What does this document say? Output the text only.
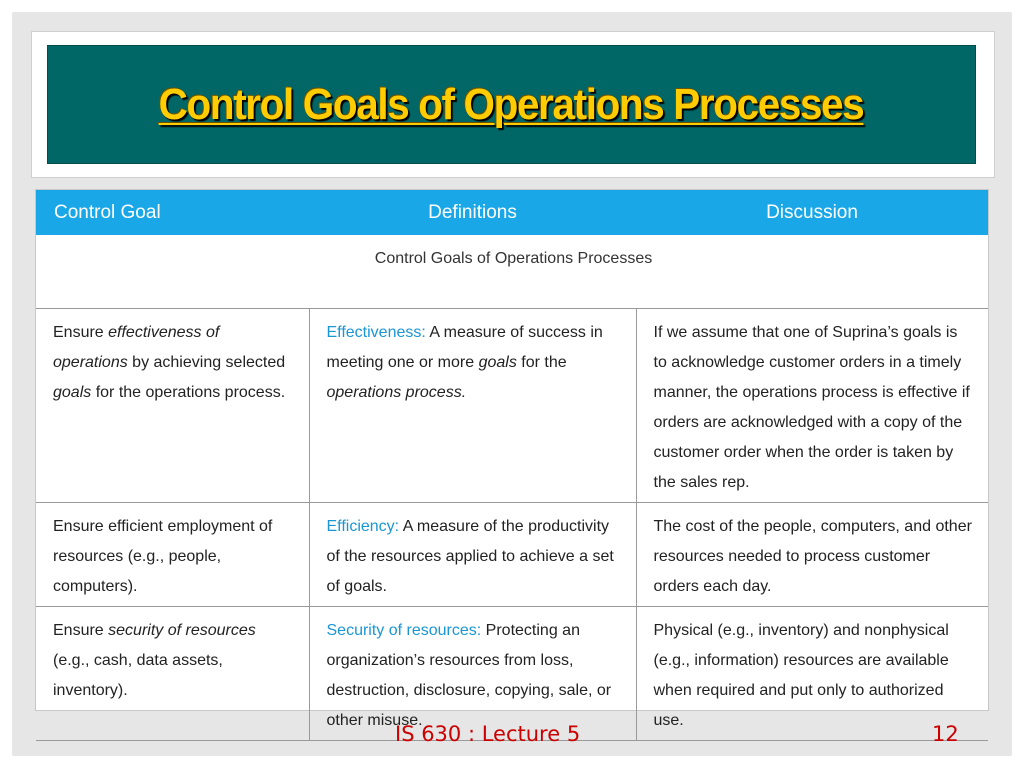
Control Goals of Operations Processes
Control Goal	Definitions	Discussion
Control Goals of Operations Processes		
Ensure effectiveness of operations by achieving selected goals for the operations process.	Effectiveness: A measure of success in meeting one or more goals for the operations process.	If we assume that one of Suprina’s goals is to acknowledge customer orders in a timely manner, the operations process is effective if orders are acknowledged with a copy of the customer order when the order is taken by the sales rep.
Ensure efficient employment of resources (e.g., people, computers).	Efficiency: A measure of the productivity of the resources applied to achieve a set of goals.	The cost of the people, computers, and other resources needed to process customer orders each day.
Ensure security of resources (e.g., cash, data assets, inventory).	Security of resources: Protecting an organization’s resources from loss, destruction, disclosure, copying, sale, or other misuse.	Physical (e.g., inventory) and nonphysical (e.g., information) resources are available when required and put only to authorized use.
IS 630 : Lecture 5	12
